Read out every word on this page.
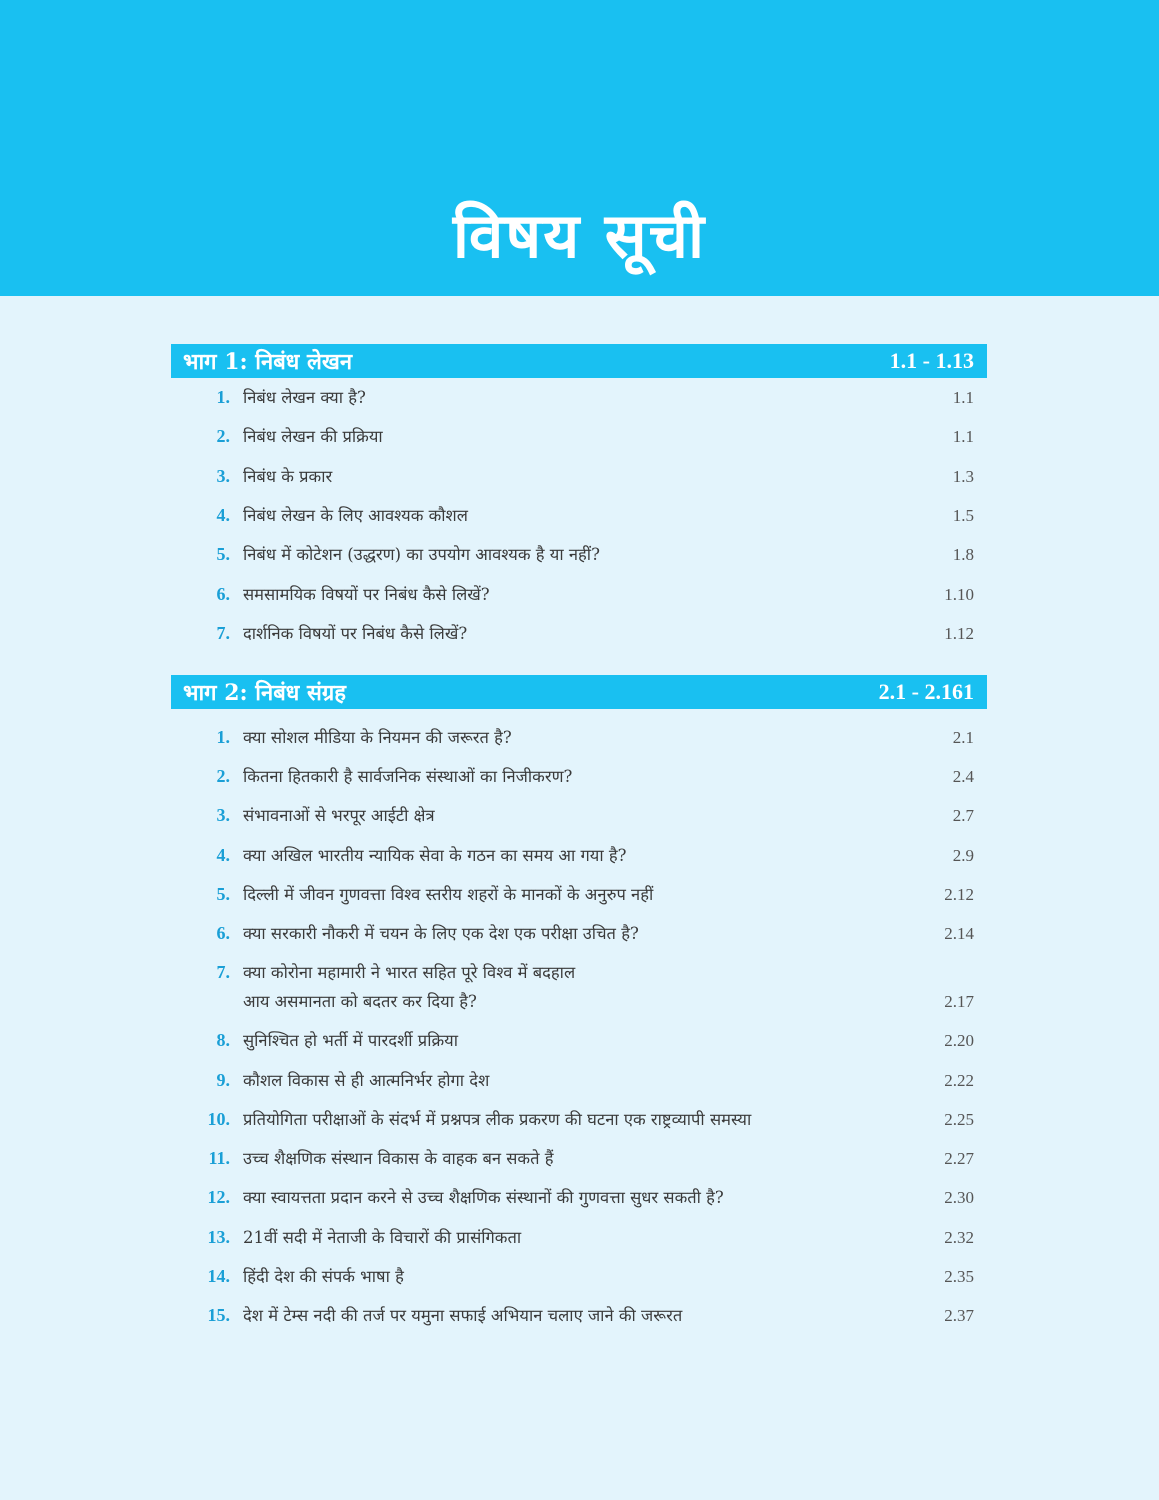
विषय सूची
भाग 1: निबंध लेखन	1.1 - 1.13
1. निबंध लेखन क्या है?	1.1
2. निबंध लेखन की प्रक्रिया	1.1
3. निबंध के प्रकार	1.3
4. निबंध लेखन के लिए आवश्यक कौशल	1.5
5. निबंध में कोटेशन (उद्धरण) का उपयोग आवश्यक है या नहीं?	1.8
6. समसामयिक विषयों पर निबंध कैसे लिखें?	1.10
7. दार्शनिक विषयों पर निबंध कैसे लिखें?	1.12
भाग 2: निबंध संग्रह	2.1 - 2.161
1. क्या सोशल मीडिया के नियमन की जरूरत है?	2.1
2. कितना हितकारी है सार्वजनिक संस्थाओं का निजीकरण?	2.4
3. संभावनाओं से भरपूर आईटी क्षेत्र	2.7
4. क्या अखिल भारतीय न्यायिक सेवा के गठन का समय आ गया है?	2.9
5. दिल्ली में जीवन गुणवत्ता विश्व स्तरीय शहरों के मानकों के अनुरुप नहीं	2.12
6. क्या सरकारी नौकरी में चयन के लिए एक देश एक परीक्षा उचित है?	2.14
7. क्या कोरोना महामारी ने भारत सहित पूरे विश्व में बदहाल
आय असमानता को बदतर कर दिया है?	2.17
8. सुनिश्चित हो भर्ती में पारदर्शी प्रक्रिया	2.20
9. कौशल विकास से ही आत्मनिर्भर होगा देश	2.22
10. प्रतियोगिता परीक्षाओं के संदर्भ में प्रश्नपत्र लीक प्रकरण की घटना एक राष्ट्रव्यापी समस्या	2.25
11. उच्च शैक्षणिक संस्थान विकास के वाहक बन सकते हैं	2.27
12. क्या स्वायत्तता प्रदान करने से उच्च शैक्षणिक संस्थानों की गुणवत्ता सुधर सकती है?	2.30
13. 21वीं सदी में नेताजी के विचारों की प्रासंगिकता	2.32
14. हिंदी देश की संपर्क भाषा है	2.35
15. देश में टेम्स नदी की तर्ज पर यमुना सफाई अभियान चलाए जाने की जरूरत	2.37
